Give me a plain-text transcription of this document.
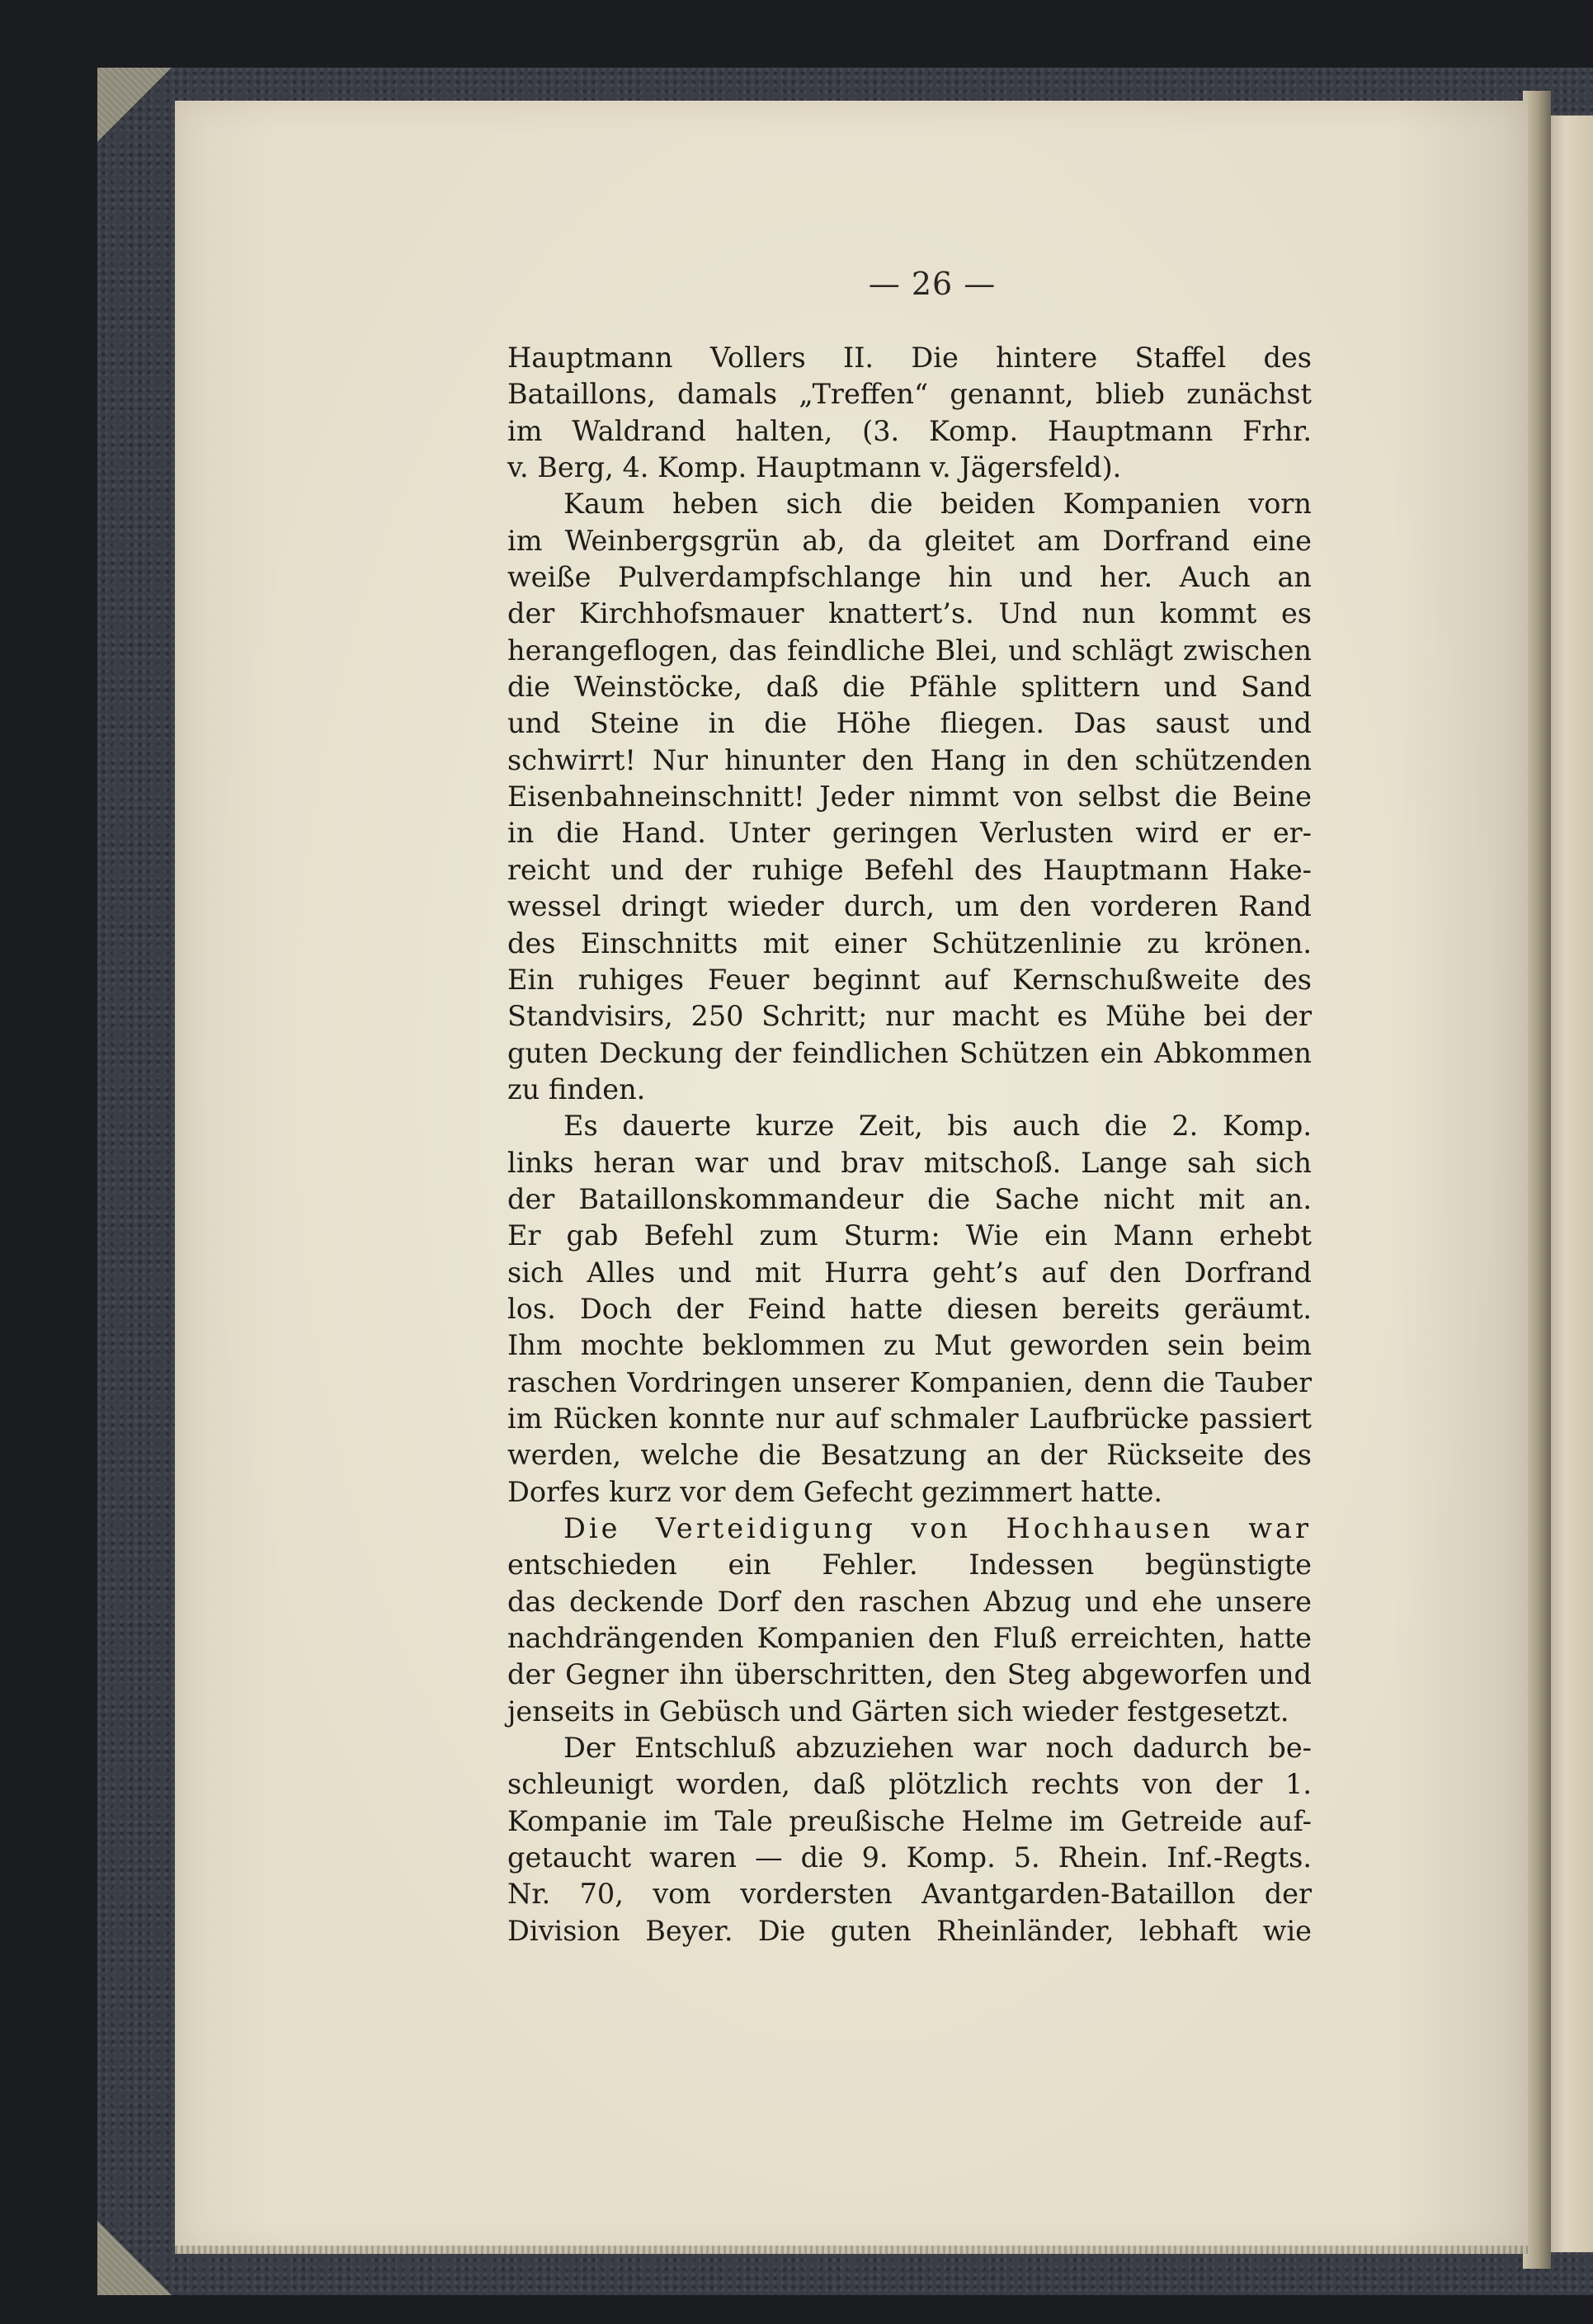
— 26 —
Hauptmann Vollers II. Die hintere Staffel des
Bataillons, damals „Treffen“ genannt, blieb zunächst
im Waldrand halten, (3. Komp. Hauptmann Frhr.
v. Berg, 4. Komp. Hauptmann v. Jägersfeld).
Kaum heben sich die beiden Kompanien vorn
im Weinbergsgrün ab, da gleitet am Dorfrand eine
weiße Pulverdampfschlange hin und her. Auch an
der Kirchhofsmauer knattert’s. Und nun kommt es
herangeflogen, das feindliche Blei, und schlägt zwischen
die Weinstöcke, daß die Pfähle splittern und Sand
und Steine in die Höhe fliegen. Das saust und
schwirrt! Nur hinunter den Hang in den schützenden
Eisenbahneinschnitt! Jeder nimmt von selbst die Beine
in die Hand. Unter geringen Verlusten wird er er-
reicht und der ruhige Befehl des Hauptmann Hake-
wessel dringt wieder durch, um den vorderen Rand
des Einschnitts mit einer Schützenlinie zu krönen.
Ein ruhiges Feuer beginnt auf Kernschußweite des
Standvisirs, 250 Schritt; nur macht es Mühe bei der
guten Deckung der feindlichen Schützen ein Abkommen
zu finden.
Es dauerte kurze Zeit, bis auch die 2. Komp.
links heran war und brav mitschoß. Lange sah sich
der Bataillonskommandeur die Sache nicht mit an.
Er gab Befehl zum Sturm: Wie ein Mann erhebt
sich Alles und mit Hurra geht’s auf den Dorfrand
los. Doch der Feind hatte diesen bereits geräumt.
Ihm mochte beklommen zu Mut geworden sein beim
raschen Vordringen unserer Kompanien, denn die Tauber
im Rücken konnte nur auf schmaler Laufbrücke passiert
werden, welche die Besatzung an der Rückseite des
Dorfes kurz vor dem Gefecht gezimmert hatte.
Die Verteidigung von Hochhausen war
entschieden ein Fehler. Indessen begünstigte
das deckende Dorf den raschen Abzug und ehe unsere
nachdrängenden Kompanien den Fluß erreichten, hatte
der Gegner ihn überschritten, den Steg abgeworfen und
jenseits in Gebüsch und Gärten sich wieder festgesetzt.
Der Entschluß abzuziehen war noch dadurch be-
schleunigt worden, daß plötzlich rechts von der 1.
Kompanie im Tale preußische Helme im Getreide auf-
getaucht waren — die 9. Komp. 5. Rhein. Inf.-Regts.
Nr. 70, vom vordersten Avantgarden-Bataillon der
Division Beyer. Die guten Rheinländer, lebhaft wie
